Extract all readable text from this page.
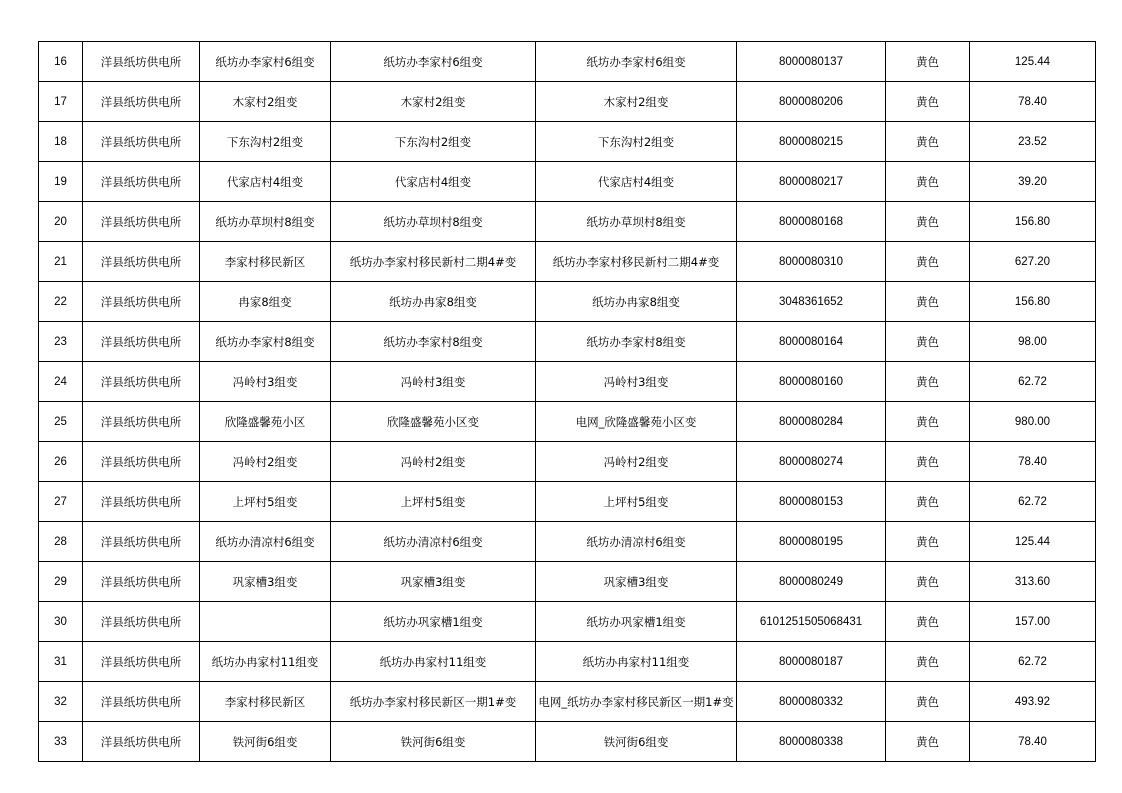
16	洋县纸坊供电所	纸坊办李家村6组变	纸坊办李家村6组变	纸坊办李家村6组变	8000080137	黄色	125.44
17	洋县纸坊供电所	木家村2组变	木家村2组变	木家村2组变	8000080206	黄色	78.40
18	洋县纸坊供电所	下东沟村2组变	下东沟村2组变	下东沟村2组变	8000080215	黄色	23.52
19	洋县纸坊供电所	代家店村4组变	代家店村4组变	代家店村4组变	8000080217	黄色	39.20
20	洋县纸坊供电所	纸坊办草坝村8组变	纸坊办草坝村8组变	纸坊办草坝村8组变	8000080168	黄色	156.80
21	洋县纸坊供电所	李家村移民新区	纸坊办李家村移民新村二期4#变	纸坊办李家村移民新村二期4#变	8000080310	黄色	627.20
22	洋县纸坊供电所	冉家8组变	纸坊办冉家8组变	纸坊办冉家8组变	3048361652	黄色	156.80
23	洋县纸坊供电所	纸坊办李家村8组变	纸坊办李家村8组变	纸坊办李家村8组变	8000080164	黄色	98.00
24	洋县纸坊供电所	冯岭村3组变	冯岭村3组变	冯岭村3组变	8000080160	黄色	62.72
25	洋县纸坊供电所	欣隆盛馨苑小区	欣隆盛馨苑小区变	电网_欣隆盛馨苑小区变	8000080284	黄色	980.00
26	洋县纸坊供电所	冯岭村2组变	冯岭村2组变	冯岭村2组变	8000080274	黄色	78.40
27	洋县纸坊供电所	上坪村5组变	上坪村5组变	上坪村5组变	8000080153	黄色	62.72
28	洋县纸坊供电所	纸坊办清凉村6组变	纸坊办清凉村6组变	纸坊办清凉村6组变	8000080195	黄色	125.44
29	洋县纸坊供电所	巩家槽3组变	巩家槽3组变	巩家槽3组变	8000080249	黄色	313.60
30	洋县纸坊供电所		纸坊办巩家槽1组变	纸坊办巩家槽1组变	6101251505068431	黄色	157.00
31	洋县纸坊供电所	纸坊办冉家村11组变	纸坊办冉家村11组变	纸坊办冉家村11组变	8000080187	黄色	62.72
32	洋县纸坊供电所	李家村移民新区	纸坊办李家村移民新区一期1#变	电网_纸坊办李家村移民新区一期1#变	8000080332	黄色	493.92
33	洋县纸坊供电所	铁河街6组变	铁河街6组变	铁河街6组变	8000080338	黄色	78.40
